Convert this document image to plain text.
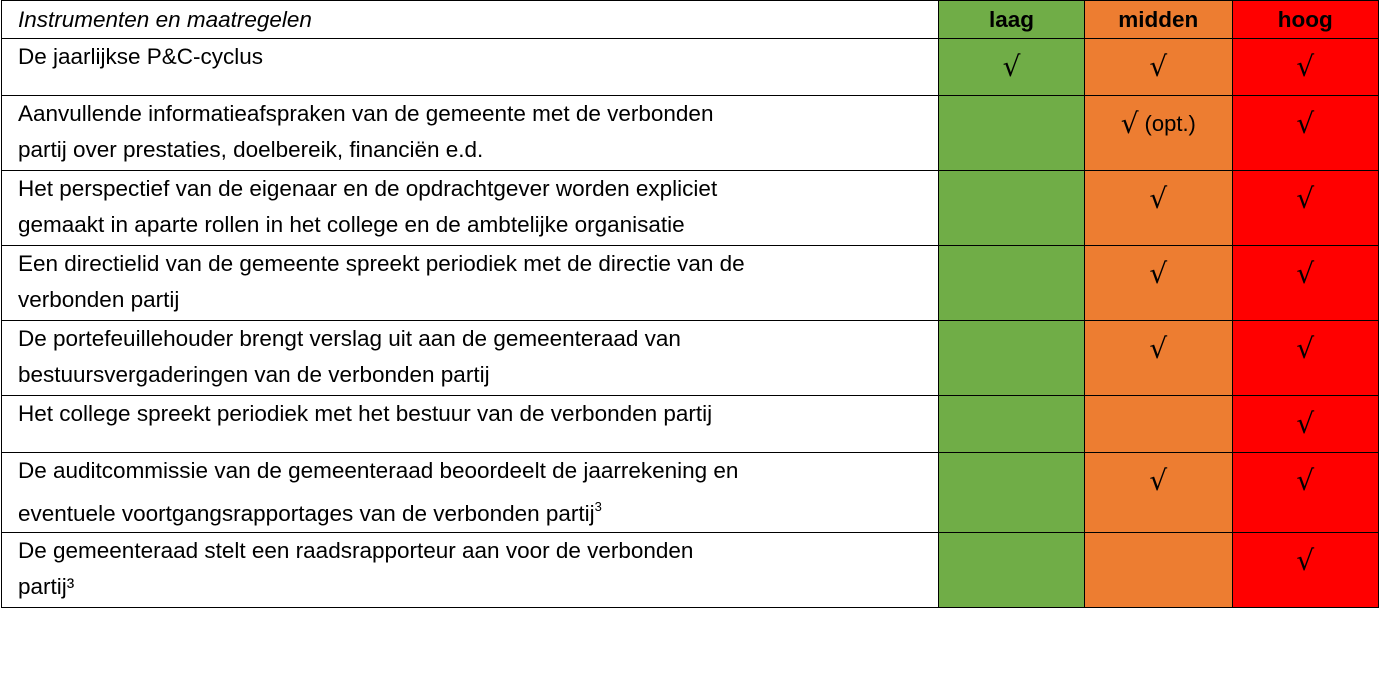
Instrumenten en maatregelen	laag	midden	hoog

De jaarlijkse P&C-cyclus	√	√	√

Aanvullende informatieafspraken van de gemeente met de verbonden
partij over prestaties, doelbereik, financiën e.d.		√ (opt.)	√

Het perspectief van de eigenaar en de opdrachtgever worden expliciet
gemaakt in aparte rollen in het college en de ambtelijke organisatie		√	√

Een directielid van de gemeente spreekt periodiek met de directie van de
verbonden partij		√	√

De portefeuillehouder brengt verslag uit aan de gemeenteraad van
bestuursvergaderingen van de verbonden partij		√	√

Het college spreekt periodiek met het bestuur van de verbonden partij			√

De auditcommissie van de gemeenteraad beoordeelt de jaarrekening en
eventuele voortgangsrapportages van de verbonden partij$^3$		√	√

De gemeenteraad stelt een raadsrapporteur aan voor de verbonden
partij³			√
